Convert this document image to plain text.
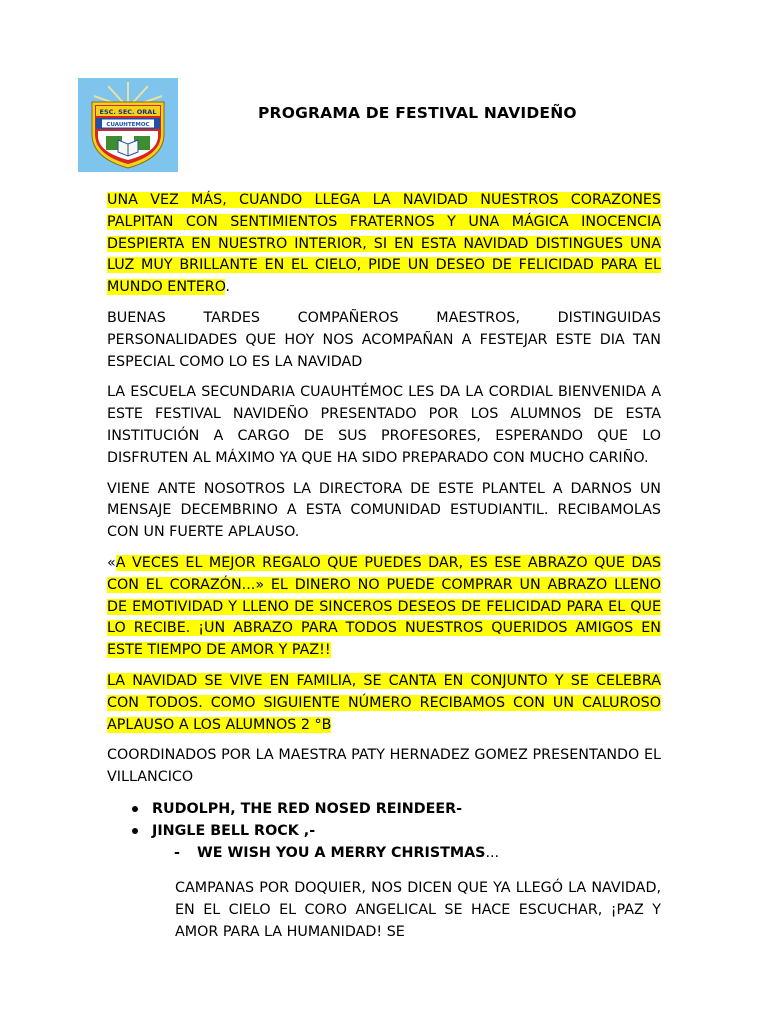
ESC. SEC. ORAL
CUAUHTEMOC
PROGRAMA DE FESTIVAL NAVIDEÑO

UNA VEZ MÁS, CUANDO LLEGA LA NAVIDAD NUESTROS CORAZONES PALPITAN CON SENTIMIENTOS FRATERNOS Y UNA MÁGICA INOCENCIA DESPIERTA EN NUESTRO INTERIOR, SI EN ESTA NAVIDAD DISTINGUES UNA LUZ MUY BRILLANTE EN EL CIELO, PIDE UN DESEO DE FELICIDAD PARA EL MUNDO ENTERO.

BUENAS TARDES COMPAÑEROS MAESTROS, DISTINGUIDAS PERSONALIDADES QUE HOY NOS ACOMPAÑAN A FESTEJAR ESTE DIA TAN ESPECIAL COMO LO ES LA NAVIDAD

LA ESCUELA SECUNDARIA CUAUHTÉMOC LES DA LA CORDIAL BIENVENIDA A ESTE FESTIVAL NAVIDEÑO PRESENTADO POR LOS ALUMNOS DE ESTA INSTITUCIÓN A CARGO DE SUS PROFESORES, ESPERANDO QUE LO DISFRUTEN AL MÁXIMO YA QUE HA SIDO PREPARADO CON MUCHO CARIÑO.

VIENE ANTE NOSOTROS LA DIRECTORA DE ESTE PLANTEL A DARNOS UN MENSAJE DECEMBRINO A ESTA COMUNIDAD ESTUDIANTIL. RECIBAMOLAS CON UN FUERTE APLAUSO.

«A VECES EL MEJOR REGALO QUE PUEDES DAR, ES ESE ABRAZO QUE DAS CON EL CORAZÓN...» EL DINERO NO PUEDE COMPRAR UN ABRAZO LLENO DE EMOTIVIDAD Y LLENO DE SINCEROS DESEOS DE FELICIDAD PARA EL QUE LO RECIBE. ¡UN ABRAZO PARA TODOS NUESTROS QUERIDOS AMIGOS EN ESTE TIEMPO DE AMOR Y PAZ!!

LA NAVIDAD SE VIVE EN FAMILIA, SE CANTA EN CONJUNTO Y SE CELEBRA CON TODOS. COMO SIGUIENTE NÚMERO RECIBAMOS CON UN CALUROSO APLAUSO A LOS ALUMNOS 2 °B

COORDINADOS POR LA MAESTRA PATY HERNADEZ GOMEZ PRESENTANDO EL VILLANCICO

RUDOLPH, THE RED NOSED REINDEER-
JINGLE BELL ROCK ,-
- WE WISH YOU A MERRY CHRISTMAS...

CAMPANAS POR DOQUIER, NOS DICEN QUE YA LLEGÓ LA NAVIDAD, EN EL CIELO EL CORO ANGELICAL SE HACE ESCUCHAR, ¡PAZ Y AMOR PARA LA HUMANIDAD! SE
